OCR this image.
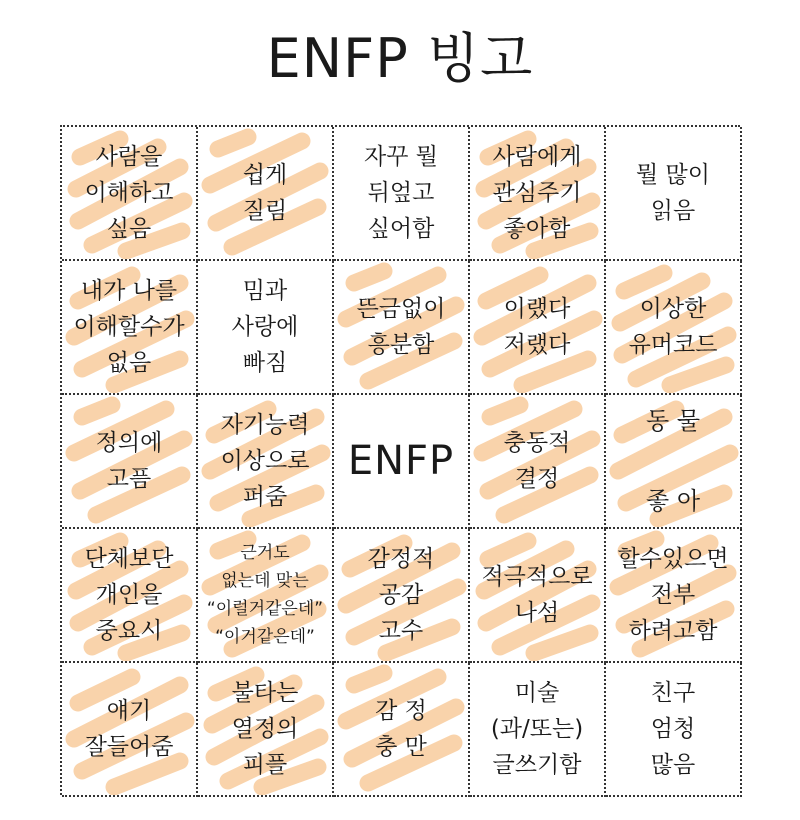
ENFP 빙고
사람을
이해하고
싶음
쉽게
질림
자꾸 뭘
뒤엎고
싶어함
사람에게
관심주기
좋아함
뭘 많이
읽음
내가 나를
이해할수가
없음
밈과
사랑에
빠짐
뜬금없이
흥분함
이랬다
저랬다
이상한
유머코드
정의에
고픔
자기능력
이상으로
퍼줌
ENFP 충동적
결정
동 물

좋 아
단체보단
개인을
중요시
근거도
없는데 맞는
“이럴거같은데”
“이거같은데”
감정적
공감
고수
적극적으로
나섬
할수있으면
전부
하려고함
얘기
잘들어줌
불타는
열정의
피플
감 정
충 만
미술
(과/또는)
글쓰기함
친구
엄청
많음
